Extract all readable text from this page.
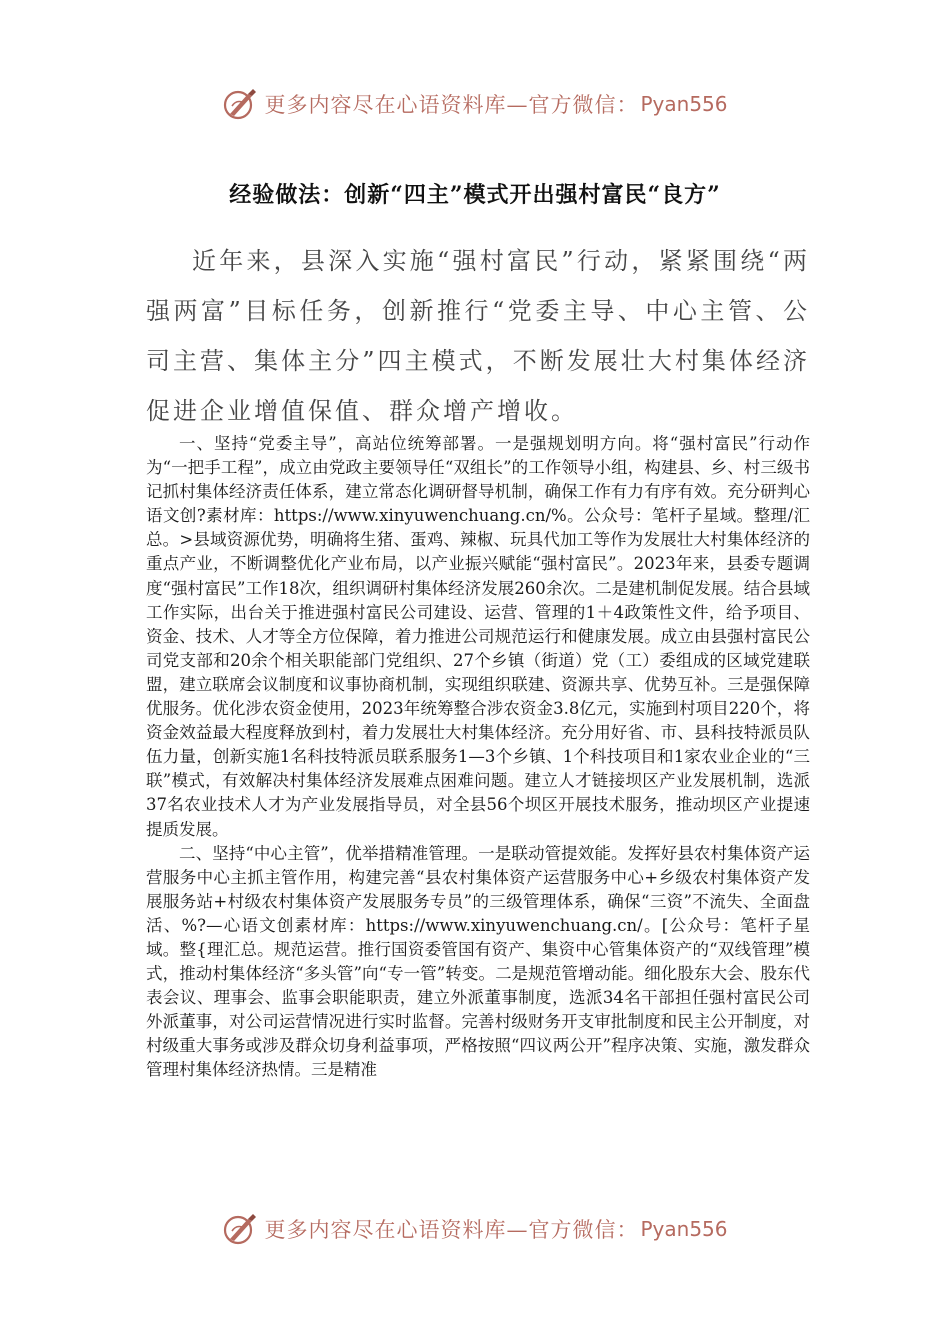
更多内容尽在心语资料库—官方微信： Pyan556
经验做法：创新“四主”模式开出强村富民“良方”

近年来，县深入实施“强村富民”行动，紧紧围绕“两强两富”目标任务，创新推行“党委主导、中心主管、公司主营、集体主分”四主模式，不断发展壮大村集体经济促进企业增值保值、群众增产增收。

一、坚持“党委主导”，高站位统筹部署。一是强规划明方向。将“强村富民”行动作为“一把手工程”，成立由党政主要领导任“双组长”的工作领导小组，构建县、乡、村三级书记抓村集体经济责任体系，建立常态化调研督导机制，确保工作有力有序有效。充分研判心语文创?素材库：https://www.xinyuwenchuang.cn/%。公众号：笔杆子星域。整理/汇总。>县域资源优势，明确将生猪、蛋鸡、辣椒、玩具代加工等作为发展壮大村集体经济的重点产业，不断调整优化产业布局，以产业振兴赋能“强村富民”。2023年来，县委专题调度“强村富民”工作18次，组织调研村集体经济发展260余次。二是建机制促发展。结合县域工作实际，出台关于推进强村富民公司建设、运营、管理的1＋4政策性文件，给予项目、资金、技术、人才等全方位保障，着力推进公司规范运行和健康发展。成立由县强村富民公司党支部和20余个相关职能部门党组织、27个乡镇（街道）党（工）委组成的区域党建联盟，建立联席会议制度和议事协商机制，实现组织联建、资源共享、优势互补。三是强保障优服务。优化涉农资金使用，2023年统筹整合涉农资金3.8亿元，实施到村项目220个，将资金效益最大程度释放到村，着力发展壮大村集体经济。充分用好省、市、县科技特派员队伍力量，创新实施1名科技特派员联系服务1—3个乡镇、1个科技项目和1家农业企业的“三联”模式，有效解决村集体经济发展难点困难问题。建立人才链接坝区产业发展机制，选派37名农业技术人才为产业发展指导员，对全县56个坝区开展技术服务，推动坝区产业提速提质发展。

二、坚持“中心主管”，优举措精准管理。一是联动管提效能。发挥好县农村集体资产运营服务中心主抓主管作用，构建完善“县农村集体资产运营服务中心+乡级农村集体资产发展服务站+村级农村集体资产发展服务专员”的三级管理体系，确保“三资”不流失、全面盘活、%?—心语文创素材库：https://www.xinyuwenchuang.cn/。[公众号：笔杆子星域。整{理汇总。规范运营。推行国资委管国有资产、集资中心管集体资产的“双线管理”模式，推动村集体经济“多头管”向“专一管”转变。二是规范管增动能。细化股东大会、股东代表会议、理事会、监事会职能职责，建立外派董事制度，选派34名干部担任强村富民公司外派董事，对公司运营情况进行实时监督。完善村级财务开支审批制度和民主公开制度，对村级重大事务或涉及群众切身利益事项，严格按照“四议两公开”程序决策、实施，激发群众管理村集体经济热情。三是精准

更多内容尽在心语资料库—官方微信： Pyan556
